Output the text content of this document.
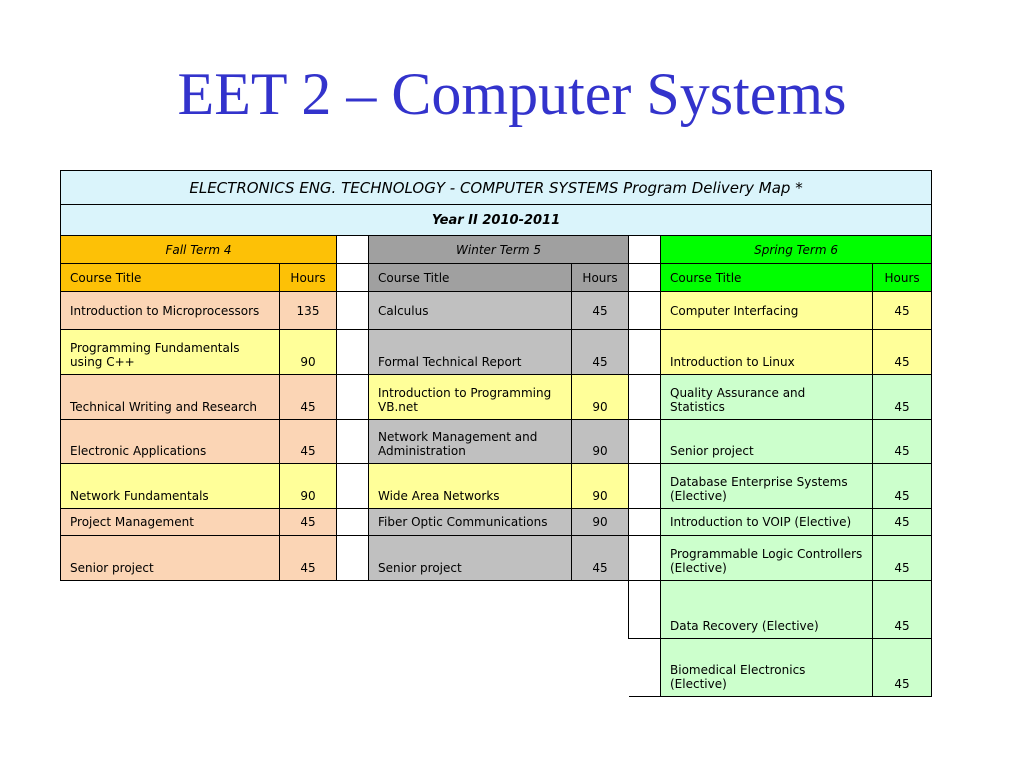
EET 2 – Computer Systems
ELECTRONICS ENG. TECHNOLOGY - COMPUTER SYSTEMS Program Delivery Map *							
Year II 2010-2011							
Fall Term 4			Winter Term 5			Spring Term 6	
Course Title	Hours		Course Title	Hours		Course Title	Hours
Introduction to Microprocessors	135		Calculus	45		Computer Interfacing	45
Programming Fundamentals using C++	90		Formal Technical Report	45		Introduction to Linux	45
Technical Writing and Research	45		Introduction to Programming VB.net	90		Quality Assurance and Statistics	45
Electronic Applications	45		Network Management and Administration	90		Senior project	45
Network Fundamentals	90		Wide Area Networks	90		Database Enterprise Systems (Elective)	45
Project Management	45		Fiber Optic Communications	90		Introduction to VOIP (Elective)	45
Senior project	45		Senior project	45		Programmable Logic Controllers (Elective)	45
						Data Recovery (Elective)	45
						Biomedical Electronics (Elective)	45
